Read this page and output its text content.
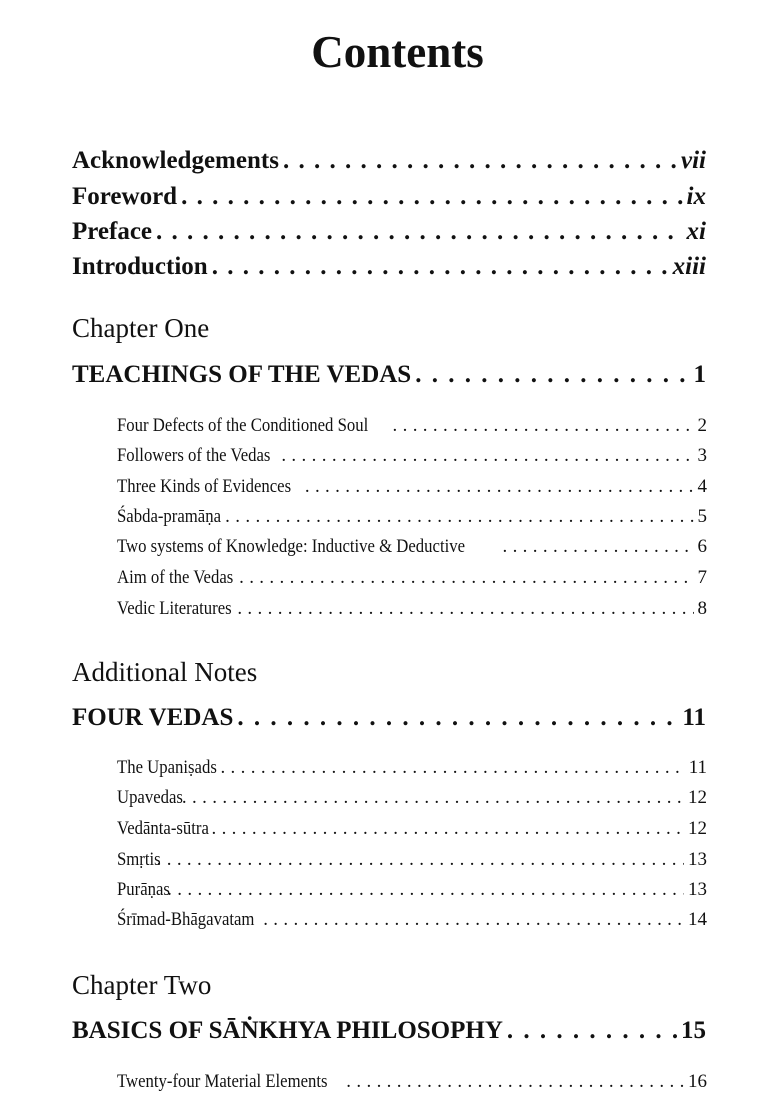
Contents
Acknowledgements . . .	vii
Foreword . . .	ix
Preface . . .	xi
Introduction . . .	xiii
Chapter One
TEACHINGS OF THE VEDAS . . .	1
Four Defects of the Conditioned Soul . . .	2
Followers of the Vedas . . .	3
Three Kinds of Evidences . . .	4
Śabda-pramāṇa . . .	5
Two systems of Knowledge: Inductive & Deductive . . .	6
Aim of the Vedas . . .	7
Vedic Literatures . . .	8
Additional Notes
FOUR VEDAS . . .	11
The Upaniṣads . . .	11
Upavedas . . .	12
Vedānta-sūtra . . .	12
Smṛtis . . .	13
Purāṇas . . .	13
Śrīmad-Bhāgavatam . . .	14
Chapter Two
BASICS OF SĀṄKHYA PHILOSOPHY . . .	15
Twenty-four Material Elements . . .	16
